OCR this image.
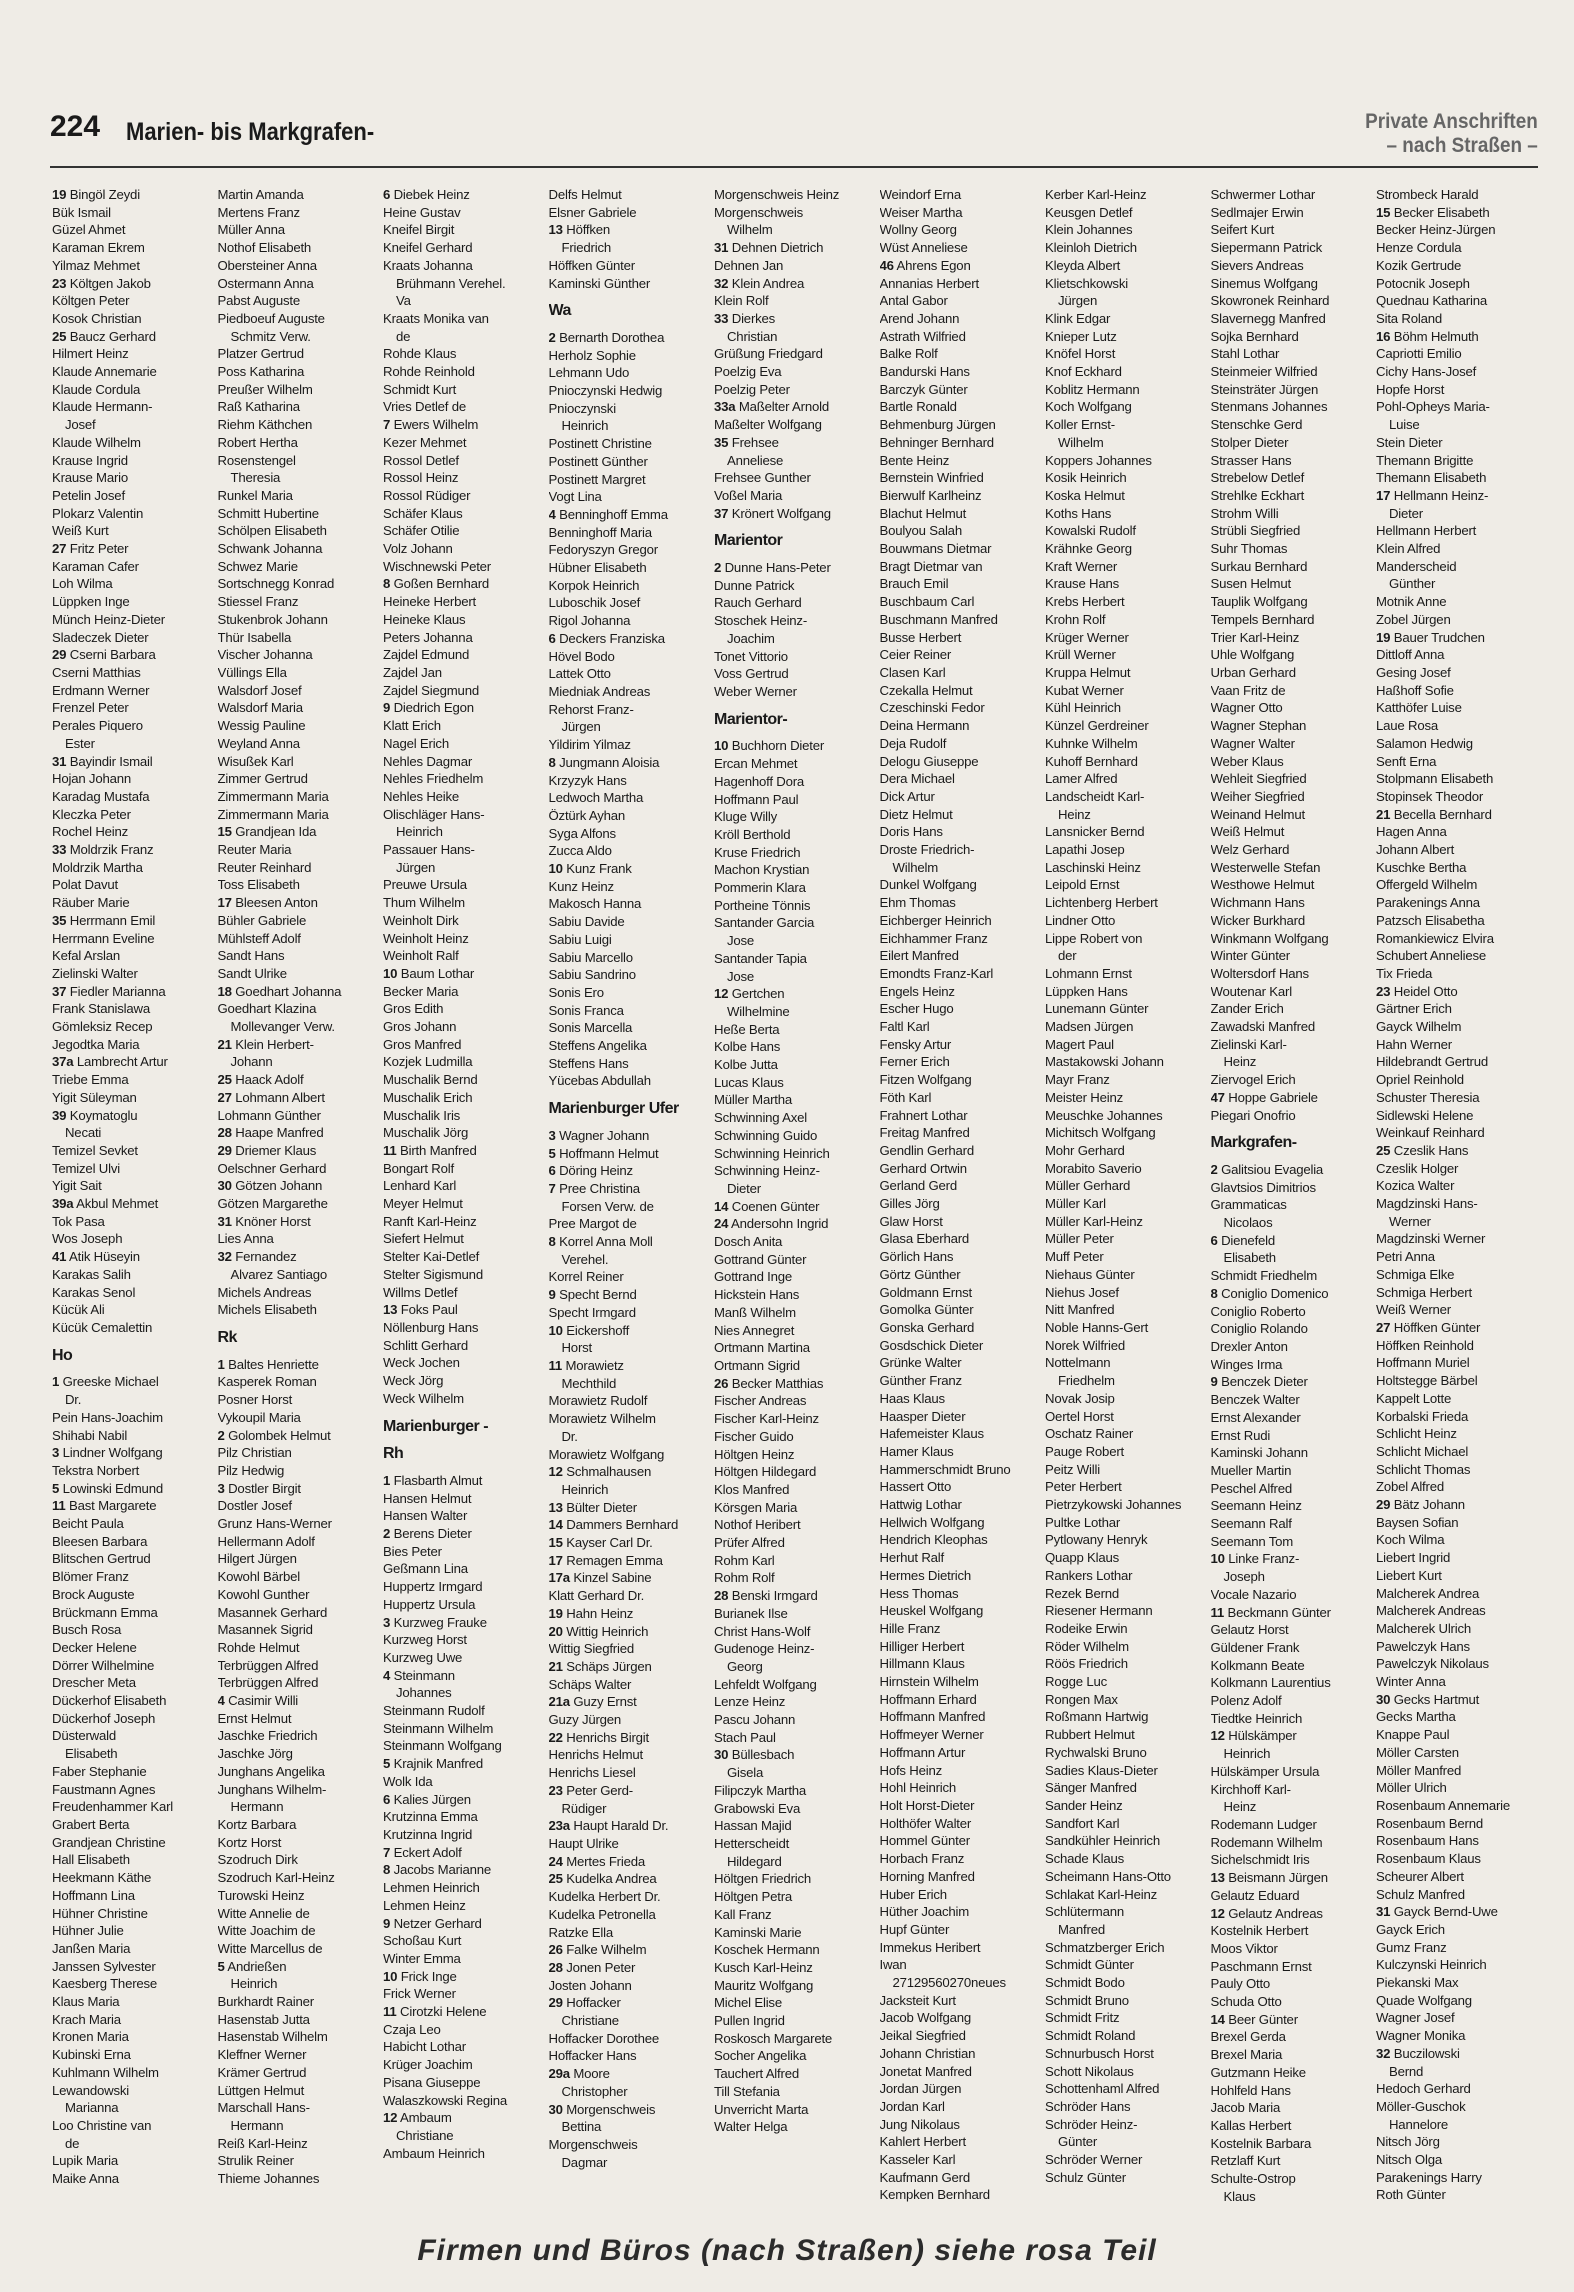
224 Marien- bis Markgrafen-	Private Anschriften
– nach Straßen –
19 Bingöl Zeydi
Bük Ismail
Güzel Ahmet
Karaman Ekrem
Yilmaz Mehmet
23 Költgen Jakob
Költgen Peter
Kosok Christian
25 Baucz Gerhard
Hilmert Heinz
Klaude Annemarie
Klaude Cordula
Klaude Hermann-
 Josef
Klaude Wilhelm
Krause Ingrid
Krause Mario
Petelin Josef
Plokarz Valentin
Weiß Kurt
27 Fritz Peter
Karaman Cafer
Loh Wilma
Lüppken Inge
Münch Heinz-Dieter
Sladeczek Dieter
29 Cserni Barbara
Cserni Matthias
Erdmann Werner
Frenzel Peter
Perales Piquero
 Ester
31 Bayindir Ismail
Hojan Johann
Karadag Mustafa
Kleczka Peter
Rochel Heinz
33 Moldrzik Franz
Moldrzik Martha
Polat Davut
Räuber Marie
35 Herrmann Emil
Herrmann Eveline
Kefal Arslan
Zielinski Walter
37 Fiedler Marianna
Frank Stanislawa
Gömleksiz Recep
Jegodtka Maria
37a Lambrecht Artur
Triebe Emma
Yigit Süleyman
39 Koymatoglu
 Necati
Temizel Sevket
Temizel Ulvi
Yigit Sait
39a Akbul Mehmet
Tok Pasa
Wos Joseph
41 Atik Hüseyin
Karakas Salih
Karakas Senol
Kücük Ali
Kücük Cemalettin
Ho
1 Greeske Michael
 Dr.
Pein Hans-Joachim
Shihabi Nabil
3 Lindner Wolfgang
Tekstra Norbert
5 Lowinski Edmund
11 Bast Margarete
Beicht Paula
Bleesen Barbara
Blitschen Gertrud
Blömer Franz
Brock Auguste
Brückmann Emma
Busch Rosa
Decker Helene
Dörrer Wilhelmine
Drescher Meta
Dückerhof Elisabeth
Dückerhof Joseph
Düsterwald
 Elisabeth
Faber Stephanie
Faustmann Agnes
Freudenhammer Karl
Grabert Berta
Grandjean Christine
Hall Elisabeth
Heekmann Käthe
Hoffmann Lina
Hühner Christine
Hühner Julie
Janßen Maria
Janssen Sylvester
Kaesberg Therese
Klaus Maria
Krach Maria
Kronen Maria
Kubinski Erna
Kuhlmann Wilhelm
Lewandowski
 Marianna
Loo Christine van
 de
Lupik Maria
Maike Anna
Martin Amanda
Mertens Franz
Müller Anna
Nothof Elisabeth
Obersteiner Anna
Ostermann Anna
Pabst Auguste
Piedboeuf Auguste
 Schmitz Verw.
Platzer Gertrud
Poss Katharina
Preußer Wilhelm
Raß Katharina
Riehm Käthchen
Robert Hertha
Rosenstengel
 Theresia
Runkel Maria
Schmitt Hubertine
Schölpen Elisabeth
Schwank Johanna
Schwez Marie
Sortschnegg Konrad
Stiessel Franz
Stukenbrok Johann
Thür Isabella
Vischer Johanna
Vüllings Ella
Walsdorf Josef
Walsdorf Maria
Wessig Pauline
Weyland Anna
Wisußek Karl
Zimmer Gertrud
Zimmermann Maria
Zimmermann Maria
15 Grandjean Ida
Reuter Maria
Reuter Reinhard
Toss Elisabeth
17 Bleesen Anton
Bühler Gabriele
Mühlsteff Adolf
Sandt Hans
Sandt Ulrike
18 Goedhart Johanna
Goedhart Klazina
 Mollevanger Verw.
21 Klein Herbert-
 Johann
25 Haack Adolf
27 Lohmann Albert
Lohmann Günther
28 Haape Manfred
29 Driemer Klaus
Oelschner Gerhard
30 Götzen Johann
Götzen Margarethe
31 Knöner Horst
Lies Anna
32 Fernandez
 Alvarez Santiago
Michels Andreas
Michels Elisabeth
Rk
1 Baltes Henriette
Kasperek Roman
Posner Horst
Vykoupil Maria
2 Golombek Helmut
Pilz Christian
Pilz Hedwig
3 Dostler Birgit
Dostler Josef
Grunz Hans-Werner
Hellermann Adolf
Hilgert Jürgen
Kowohl Bärbel
Kowohl Gunther
Masannek Gerhard
Masannek Sigrid
Rohde Helmut
Terbrüggen Alfred
Terbrüggen Alfred
4 Casimir Willi
Ernst Helmut
Jaschke Friedrich
Jaschke Jörg
Junghans Angelika
Junghans Wilhelm-
 Hermann
Kortz Barbara
Kortz Horst
Szodruch Dirk
Szodruch Karl-Heinz
Turowski Heinz
Witte Annelie de
Witte Joachim de
Witte Marcellus de
5 Andrießen
 Heinrich
Burkhardt Rainer
Hasenstab Jutta
Hasenstab Wilhelm
Kleffner Werner
Krämer Gertrud
Lüttgen Helmut
Marschall Hans-
 Hermann
Reiß Karl-Heinz
Strulik Reiner
Thieme Johannes
6 Diebek Heinz
Heine Gustav
Kneifel Birgit
Kneifel Gerhard
Kraats Johanna
 Brühmann Verehel.
 Va
Kraats Monika van
 de
Rohde Klaus
Rohde Reinhold
Schmidt Kurt
Vries Detlef de
7 Ewers Wilhelm
Kezer Mehmet
Rossol Detlef
Rossol Heinz
Rossol Rüdiger
Schäfer Klaus
Schäfer Otilie
Volz Johann
Wischnewski Peter
8 Goßen Bernhard
Heineke Herbert
Heineke Klaus
Peters Johanna
Zajdel Edmund
Zajdel Jan
Zajdel Siegmund
9 Diedrich Egon
Klatt Erich
Nagel Erich
Nehles Dagmar
Nehles Friedhelm
Nehles Heike
Olischläger Hans-
 Heinrich
Passauer Hans-
 Jürgen
Preuwe Ursula
Thum Wilhelm
Weinholt Dirk
Weinholt Heinz
Weinholt Ralf
10 Baum Lothar
Becker Maria
Gros Edith
Gros Johann
Gros Manfred
Kozjek Ludmilla
Muschalik Bernd
Muschalik Erich
Muschalik Iris
Muschalik Jörg
11 Birth Manfred
Bongart Rolf
Lenhard Karl
Meyer Helmut
Ranft Karl-Heinz
Siefert Helmut
Stelter Kai-Detlef
Stelter Sigismund
Willms Detlef
13 Foks Paul
Nöllenburg Hans
Schlitt Gerhard
Weck Jochen
Weck Jörg
Weck Wilhelm
Marienburger -
Rh
1 Flasbarth Almut
Hansen Helmut
Hansen Walter
2 Berens Dieter
Bies Peter
Geßmann Lina
Huppertz Irmgard
Huppertz Ursula
3 Kurzweg Frauke
Kurzweg Horst
Kurzweg Uwe
4 Steinmann
 Johannes
Steinmann Rudolf
Steinmann Wilhelm
Steinmann Wolfgang
5 Krajnik Manfred
Wolk Ida
6 Kalies Jürgen
Krutzinna Emma
Krutzinna Ingrid
7 Eckert Adolf
8 Jacobs Marianne
Lehmen Heinrich
Lehmen Heinz
9 Netzer Gerhard
Schoßau Kurt
Winter Emma
10 Frick Inge
Frick Werner
11 Cirotzki Helene
Czaja Leo
Habicht Lothar
Krüger Joachim
Pisana Giuseppe
Walaszkowski Regina
12 Ambaum
 Christiane
Ambaum Heinrich
Delfs Helmut
Elsner Gabriele
13 Höffken
 Friedrich
Höffken Günter
Kaminski Günther
Wa
2 Bernarth Dorothea
Herholz Sophie
Lehmann Udo
Pnioczynski Hedwig
Pnioczynski
 Heinrich
Postinett Christine
Postinett Günther
Postinett Margret
Vogt Lina
4 Benninghoff Emma
Benninghoff Maria
Fedoryszyn Gregor
Hübner Elisabeth
Korpok Heinrich
Luboschik Josef
Rigol Johanna
6 Deckers Franziska
Hövel Bodo
Lattek Otto
Miedniak Andreas
Rehorst Franz-
 Jürgen
Yildirim Yilmaz
8 Jungmann Aloisia
Krzyzyk Hans
Ledwoch Martha
Öztürk Ayhan
Syga Alfons
Zucca Aldo
10 Kunz Frank
Kunz Heinz
Makosch Hanna
Sabiu Davide
Sabiu Luigi
Sabiu Marcello
Sabiu Sandrino
Sonis Ero
Sonis Franca
Sonis Marcella
Steffens Angelika
Steffens Hans
Yücebas Abdullah
Marienburger Ufer
3 Wagner Johann
5 Hoffmann Helmut
6 Döring Heinz
7 Pree Christina
 Forsen Verw. de
Pree Margot de
8 Korrel Anna Moll
 Verehel.
Korrel Reiner
9 Specht Bernd
Specht Irmgard
10 Eickershoff
 Horst
11 Morawietz
 Mechthild
Morawietz Rudolf
Morawietz Wilhelm
 Dr.
Morawietz Wolfgang
12 Schmalhausen
 Heinrich
13 Bülter Dieter
14 Dammers Bernhard
15 Kayser Carl Dr.
17 Remagen Emma
17a Kinzel Sabine
Klatt Gerhard Dr.
19 Hahn Heinz
20 Wittig Heinrich
Wittig Siegfried
21 Schäps Jürgen
Schäps Walter
21a Guzy Ernst
Guzy Jürgen
22 Henrichs Birgit
Henrichs Helmut
Henrichs Liesel
23 Peter Gerd-
 Rüdiger
23a Haupt Harald Dr.
Haupt Ulrike
24 Mertes Frieda
25 Kudelka Andrea
Kudelka Herbert Dr.
Kudelka Petronella
Ratzke Ella
26 Falke Wilhelm
28 Jonen Peter
Josten Johann
29 Hoffacker
 Christiane
Hoffacker Dorothee
Hoffacker Hans
29a Moore
 Christopher
30 Morgenschweis
 Bettina
Morgenschweis
 Dagmar
Morgenschweis Heinz
Morgenschweis
 Wilhelm
31 Dehnen Dietrich
Dehnen Jan
32 Klein Andrea
Klein Rolf
33 Dierkes
 Christian
Grüßung Friedgard
Poelzig Eva
Poelzig Peter
33a Maßelter Arnold
Maßelter Wolfgang
35 Frehsee
 Anneliese
Frehsee Gunther
Voßel Maria
37 Krönert Wolfgang
Marientor
2 Dunne Hans-Peter
Dunne Patrick
Rauch Gerhard
Stoschek Heinz-
 Joachim
Tonet Vittorio
Voss Gertrud
Weber Werner
Marientor-
10 Buchhorn Dieter
Ercan Mehmet
Hagenhoff Dora
Hoffmann Paul
Kluge Willy
Kröll Berthold
Kruse Friedrich
Machon Krystian
Pommerin Klara
Portheine Tönnis
Santander Garcia
 Jose
Santander Tapia
 Jose
12 Gertchen
 Wilhelmine
Heße Berta
Kolbe Hans
Kolbe Jutta
Lucas Klaus
Müller Martha
Schwinning Axel
Schwinning Guido
Schwinning Heinrich
Schwinning Heinz-
 Dieter
14 Coenen Günter
24 Andersohn Ingrid
Dosch Anita
Gottrand Günter
Gottrand Inge
Hickstein Hans
Manß Wilhelm
Nies Annegret
Ortmann Martina
Ortmann Sigrid
26 Becker Matthias
Fischer Andreas
Fischer Karl-Heinz
Fischer Guido
Höltgen Heinz
Höltgen Hildegard
Klos Manfred
Körsgen Maria
Nothof Heribert
Prüfer Alfred
Rohm Karl
Rohm Rolf
28 Benski Irmgard
Burianek Ilse
Christ Hans-Wolf
Gudenoge Heinz-
 Georg
Lehfeldt Wolfgang
Lenze Heinz
Pascu Johann
Stach Paul
30 Büllesbach
 Gisela
Filipczyk Martha
Grabowski Eva
Hassan Majid
Hetterscheidt
 Hildegard
Höltgen Friedrich
Höltgen Petra
Kall Franz
Kaminski Marie
Koschek Hermann
Kusch Karl-Heinz
Mauritz Wolfgang
Michel Elise
Pullen Ingrid
Roskosch Margarete
Socher Angelika
Tauchert Alfred
Till Stefania
Unverricht Marta
Walter Helga
Weindorf Erna
Weiser Martha
Wollny Georg
Wüst Anneliese
46 Ahrens Egon
Annanias Herbert
Antal Gabor
Arend Johann
Astrath Wilfried
Balke Rolf
Bandurski Hans
Barczyk Günter
Bartle Ronald
Behmenburg Jürgen
Behninger Bernhard
Bente Heinz
Bernstein Winfried
Bierwulf Karlheinz
Blachut Helmut
Boulyou Salah
Bouwmans Dietmar
Bragt Dietmar van
Brauch Emil
Buschbaum Carl
Buschmann Manfred
Busse Herbert
Ceier Reiner
Clasen Karl
Czekalla Helmut
Czeschinski Fedor
Deina Hermann
Deja Rudolf
Delogu Giuseppe
Dera Michael
Dick Artur
Dietz Helmut
Doris Hans
Droste Friedrich-
 Wilhelm
Dunkel Wolfgang
Ehm Thomas
Eichberger Heinrich
Eichhammer Franz
Eilert Manfred
Emondts Franz-Karl
Engels Heinz
Escher Hugo
Faltl Karl
Fensky Artur
Ferner Erich
Fitzen Wolfgang
Föth Karl
Frahnert Lothar
Freitag Manfred
Gendlin Gerhard
Gerhard Ortwin
Gerland Gerd
Gilles Jörg
Glaw Horst
Glasa Eberhard
Görlich Hans
Görtz Günther
Goldmann Ernst
Gomolka Günter
Gonska Gerhard
Gosdschick Dieter
Grünke Walter
Günther Franz
Haas Klaus
Haasper Dieter
Hafemeister Klaus
Hamer Klaus
Hammerschmidt Bruno
Hassert Otto
Hattwig Lothar
Hellwich Wolfgang
Hendrich Kleophas
Herhut Ralf
Hermes Dietrich
Hess Thomas
Heuskel Wolfgang
Hille Franz
Hilliger Herbert
Hillmann Klaus
Hirnstein Wilhelm
Hoffmann Erhard
Hoffmann Manfred
Hoffmeyer Werner
Hoffmann Artur
Hofs Heinz
Hohl Heinrich
Holt Horst-Dieter
Holthöfer Walter
Hommel Günter
Horbach Franz
Horning Manfred
Huber Erich
Hüther Joachim
Hupf Günter
Immekus Heribert
Iwan
 27129560270neues
Jacksteit Kurt
Jacob Wolfgang
Jeikal Siegfried
Johann Christian
Jonetat Manfred
Jordan Jürgen
Jordan Karl
Jung Nikolaus
Kahlert Herbert
Kasseler Karl
Kaufmann Gerd
Kempken Bernhard
Kerber Karl-Heinz
Keusgen Detlef
Klein Johannes
Kleinloh Dietrich
Kleyda Albert
Klietschkowski
 Jürgen
Klink Edgar
Knieper Lutz
Knöfel Horst
Knof Eckhard
Koblitz Hermann
Koch Wolfgang
Koller Ernst-
 Wilhelm
Koppers Johannes
Kosik Heinrich
Koska Helmut
Koths Hans
Kowalski Rudolf
Krähnke Georg
Kraft Werner
Krause Hans
Krebs Herbert
Krohn Rolf
Krüger Werner
Krüll Werner
Kruppa Helmut
Kubat Werner
Kühl Heinrich
Künzel Gerdreiner
Kuhnke Wilhelm
Kuhoff Bernhard
Lamer Alfred
Landscheidt Karl-
 Heinz
Lansnicker Bernd
Lapathi Josep
Laschinski Heinz
Leipold Ernst
Lichtenberg Herbert
Lindner Otto
Lippe Robert von
 der
Lohmann Ernst
Lüppken Hans
Lunemann Günter
Madsen Jürgen
Magert Paul
Mastakowski Johann
Mayr Franz
Meister Heinz
Meuschke Johannes
Michitsch Wolfgang
Mohr Gerhard
Morabito Saverio
Müller Gerhard
Müller Karl
Müller Karl-Heinz
Müller Peter
Muff Peter
Niehaus Günter
Niehus Josef
Nitt Manfred
Noble Hanns-Gert
Norek Wilfried
Nottelmann
 Friedhelm
Novak Josip
Oertel Horst
Oschatz Rainer
Pauge Robert
Peitz Willi
Peter Herbert
Pietrzykowski Johannes
Pultke Lothar
Pytlowany Henryk
Quapp Klaus
Rankers Lothar
Rezek Bernd
Riesener Hermann
Rodeike Erwin
Röder Wilhelm
Röös Friedrich
Rogge Luc
Rongen Max
Roßmann Hartwig
Rubbert Helmut
Rychwalski Bruno
Sadies Klaus-Dieter
Sänger Manfred
Sander Heinz
Sandfort Karl
Sandkühler Heinrich
Schade Klaus
Scheimann Hans-Otto
Schlakat Karl-Heinz
Schlütermann
 Manfred
Schmatzberger Erich
Schmidt Günter
Schmidt Bodo
Schmidt Bruno
Schmidt Fritz
Schmidt Roland
Schnurbusch Horst
Schott Nikolaus
Schottenhaml Alfred
Schröder Hans
Schröder Heinz-
 Günter
Schröder Werner
Schulz Günter
Schwermer Lothar
Sedlmajer Erwin
Seifert Kurt
Siepermann Patrick
Sievers Andreas
Sinemus Wolfgang
Skowronek Reinhard
Slavernegg Manfred
Sojka Bernhard
Stahl Lothar
Steinmeier Wilfried
Steinsträter Jürgen
Stenmans Johannes
Stenschke Gerd
Stolper Dieter
Strasser Hans
Strebelow Detlef
Strehlke Eckhart
Strohm Willi
Strübli Siegfried
Suhr Thomas
Surkau Bernhard
Susen Helmut
Tauplik Wolfgang
Tempels Bernhard
Trier Karl-Heinz
Uhle Wolfgang
Urban Gerhard
Vaan Fritz de
Wagner Otto
Wagner Stephan
Wagner Walter
Weber Klaus
Wehleit Siegfried
Weiher Siegfried
Weinand Helmut
Weiß Helmut
Welz Gerhard
Westerwelle Stefan
Westhowe Helmut
Wichmann Hans
Wicker Burkhard
Winkmann Wolfgang
Winter Günter
Woltersdorf Hans
Woutenar Karl
Zander Erich
Zawadski Manfred
Zielinski Karl-
 Heinz
Ziervogel Erich
47 Hoppe Gabriele
Piegari Onofrio
Markgrafen-
2 Galitsiou Evagelia
Glavtsios Dimitrios
Grammaticas
 Nicolaos
6 Dienefeld
 Elisabeth
Schmidt Friedhelm
8 Coniglio Domenico
Coniglio Roberto
Coniglio Rolando
Drexler Anton
Winges Irma
9 Benczek Dieter
Benczek Walter
Ernst Alexander
Ernst Rudi
Kaminski Johann
Mueller Martin
Peschel Alfred
Seemann Heinz
Seemann Ralf
Seemann Tom
10 Linke Franz-
 Joseph
Vocale Nazario
11 Beckmann Günter
Gelautz Horst
Güldener Frank
Kolkmann Beate
Kolkmann Laurentius
Polenz Adolf
Tiedtke Heinrich
12 Hülskämper
 Heinrich
Hülskämper Ursula
Kirchhoff Karl-
 Heinz
Rodemann Ludger
Rodemann Wilhelm
Sichelschmidt Iris
13 Beismann Jürgen
Gelautz Eduard
12 Gelautz Andreas
Kostelnik Herbert
Moos Viktor
Paschmann Ernst
Pauly Otto
Schuda Otto
14 Beer Günter
Brexel Gerda
Brexel Maria
Gutzmann Heike
Hohlfeld Hans
Jacob Maria
Kallas Herbert
Kostelnik Barbara
Retzlaff Kurt
Schulte-Ostrop
 Klaus
Strombeck Harald
15 Becker Elisabeth
Becker Heinz-Jürgen
Henze Cordula
Kozik Gertrude
Potocnik Joseph
Quednau Katharina
Sita Roland
16 Böhm Helmuth
Capriotti Emilio
Cichy Hans-Josef
Hopfe Horst
Pohl-Opheys Maria-
 Luise
Stein Dieter
Themann Brigitte
Themann Elisabeth
17 Hellmann Heinz-
 Dieter
Hellmann Herbert
Klein Alfred
Manderscheid
 Günther
Motnik Anne
Zobel Jürgen
19 Bauer Trudchen
Dittloff Anna
Gesing Josef
Haßhoff Sofie
Katthöfer Luise
Laue Rosa
Salamon Hedwig
Senft Erna
Stolpmann Elisabeth
Stopinsek Theodor
21 Becella Bernhard
Hagen Anna
Johann Albert
Kuschke Bertha
Offergeld Wilhelm
Parakenings Anna
Patzsch Elisabetha
Romankiewicz Elvira
Schubert Anneliese
Tix Frieda
23 Heidel Otto
Gärtner Erich
Gayck Wilhelm
Hahn Werner
Hildebrandt Gertrud
Opriel Reinhold
Schuster Theresia
Sidlewski Helene
Weinkauf Reinhard
25 Czeslik Hans
Czeslik Holger
Kozica Walter
Magdzinski Hans-
 Werner
Magdzinski Werner
Petri Anna
Schmiga Elke
Schmiga Herbert
Weiß Werner
27 Höffken Günter
Höffken Reinhold
Hoffmann Muriel
Holtstegge Bärbel
Kappelt Lotte
Korbalski Frieda
Schlicht Heinz
Schlicht Michael
Schlicht Thomas
Zobel Alfred
29 Bätz Johann
Baysen Sofian
Koch Wilma
Liebert Ingrid
Liebert Kurt
Malcherek Andrea
Malcherek Andreas
Malcherek Ulrich
Pawelczyk Hans
Pawelczyk Nikolaus
Winter Anna
30 Gecks Hartmut
Gecks Martha
Knappe Paul
Möller Carsten
Möller Manfred
Möller Ulrich
Rosenbaum Annemarie
Rosenbaum Bernd
Rosenbaum Hans
Rosenbaum Klaus
Scheurer Albert
Schulz Manfred
31 Gayck Bernd-Uwe
Gayck Erich
Gumz Franz
Kulczynski Heinrich
Piekanski Max
Quade Wolfgang
Wagner Josef
Wagner Monika
32 Buczilowski
 Bernd
Hedoch Gerhard
Möller-Guschok
 Hannelore
Nitsch Jörg
Nitsch Olga
Parakenings Harry
Roth Günter
Firmen und Büros (nach Straßen) siehe rosa Teil
